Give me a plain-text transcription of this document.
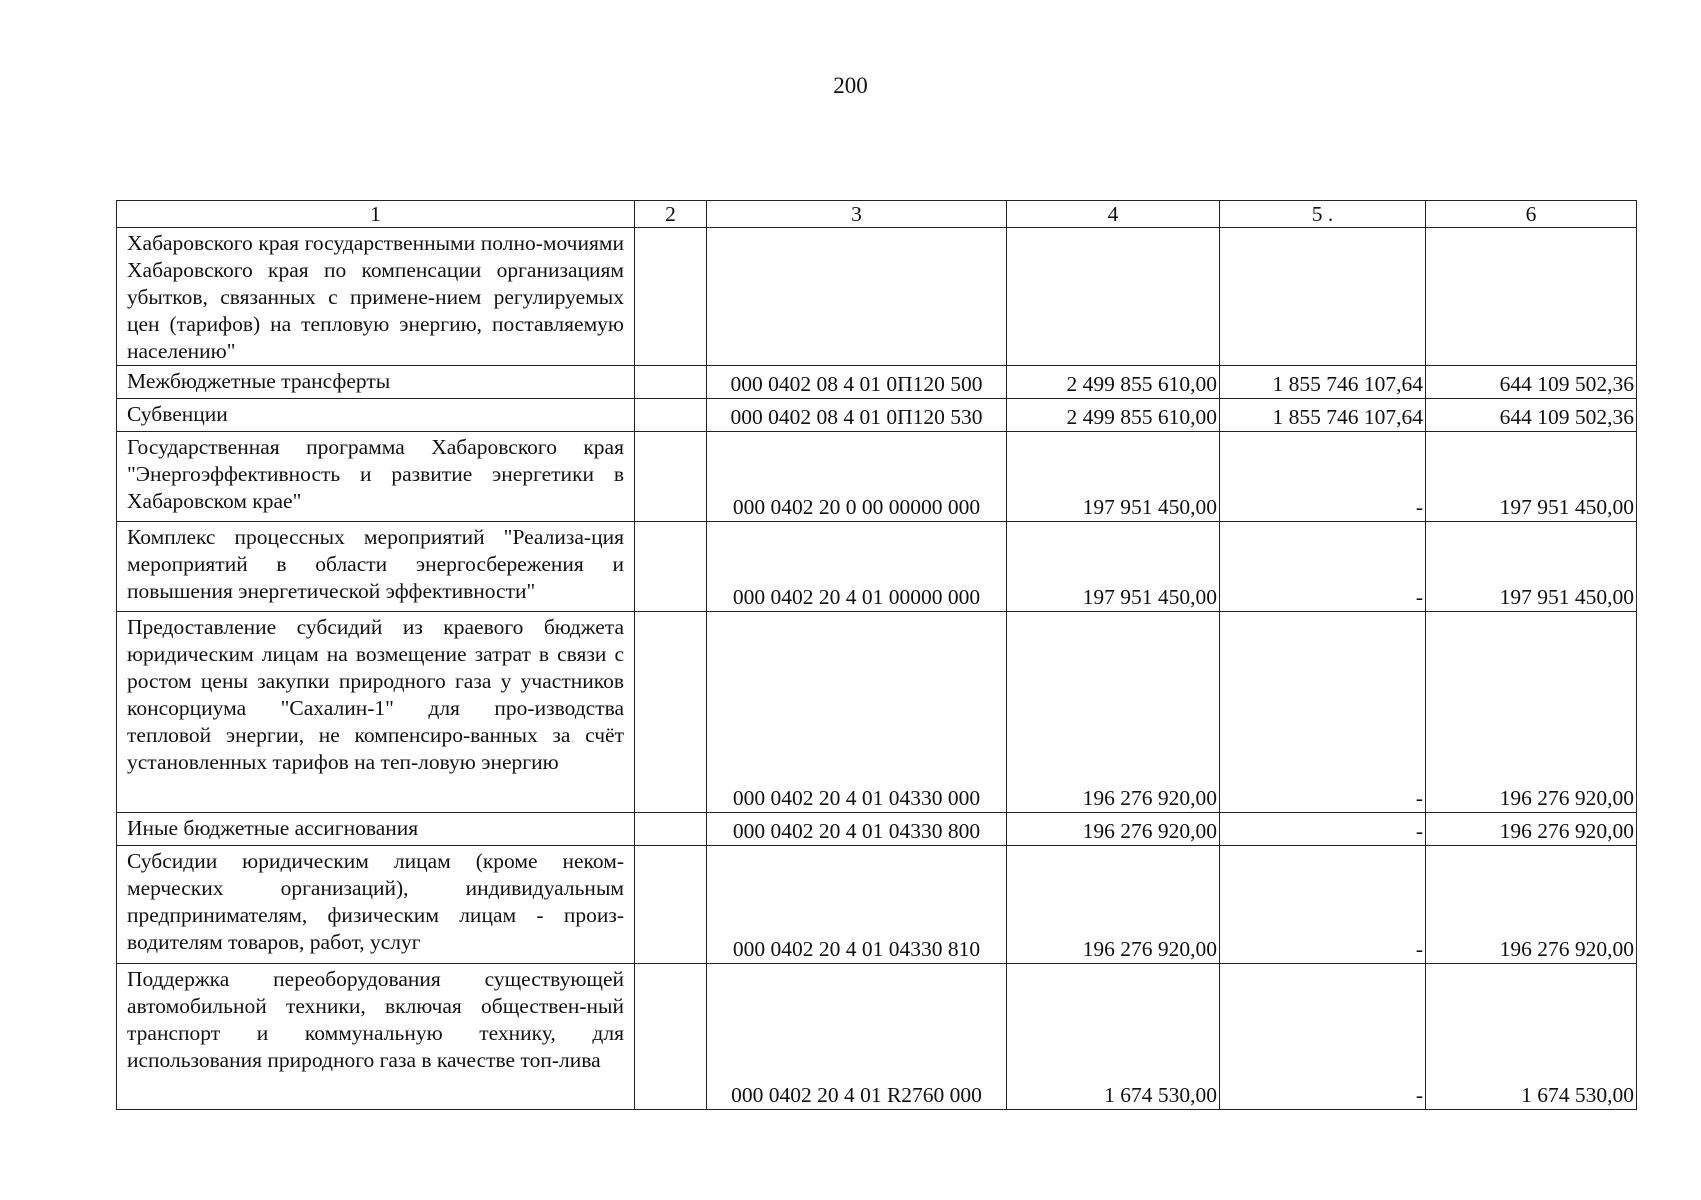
200
1	2	3	4	5 .	6
Хабаровского края государственными полно-мочиями Хабаровского края по компенсации организациям убытков, связанных с примене-нием регулируемых цен (тарифов) на тепловую энергию, поставляемую населению"					
Межбюджетные трансферты		000 0402 08 4 01 0П120 500	2 499 855 610,00	1 855 746 107,64	644 109 502,36
Субвенции		000 0402 08 4 01 0П120 530	2 499 855 610,00	1 855 746 107,64	644 109 502,36
Государственная программа Хабаровского края "Энергоэффективность и развитие энергетики в Хабаровском крае"		000 0402 20 0 00 00000 000	197 951 450,00	-	197 951 450,00
Комплекс процессных мероприятий "Реализа-ция мероприятий в области энергосбережения и повышения энергетической эффективности"		000 0402 20 4 01 00000 000	197 951 450,00	-	197 951 450,00
Предоставление субсидий из краевого бюджета юридическим лицам на возмещение затрат в связи с ростом цены закупки природного газа у участников консорциума "Сахалин-1" для про-изводства тепловой энергии, не компенсиро-ванных за счёт установленных тарифов на теп-ловую энергию		000 0402 20 4 01 04330 000	196 276 920,00	-	196 276 920,00
Иные бюджетные ассигнования		000 0402 20 4 01 04330 800	196 276 920,00	-	196 276 920,00
Субсидии юридическим лицам (кроме неком-мерческих организаций), индивидуальным предпринимателям, физическим лицам - произ-водителям товаров, работ, услуг		000 0402 20 4 01 04330 810	196 276 920,00	-	196 276 920,00
Поддержка переоборудования существующей автомобильной техники, включая обществен-ный транспорт и коммунальную технику, для использования природного газа в качестве топ-лива		000 0402 20 4 01 R2760 000	1 674 530,00	-	1 674 530,00
